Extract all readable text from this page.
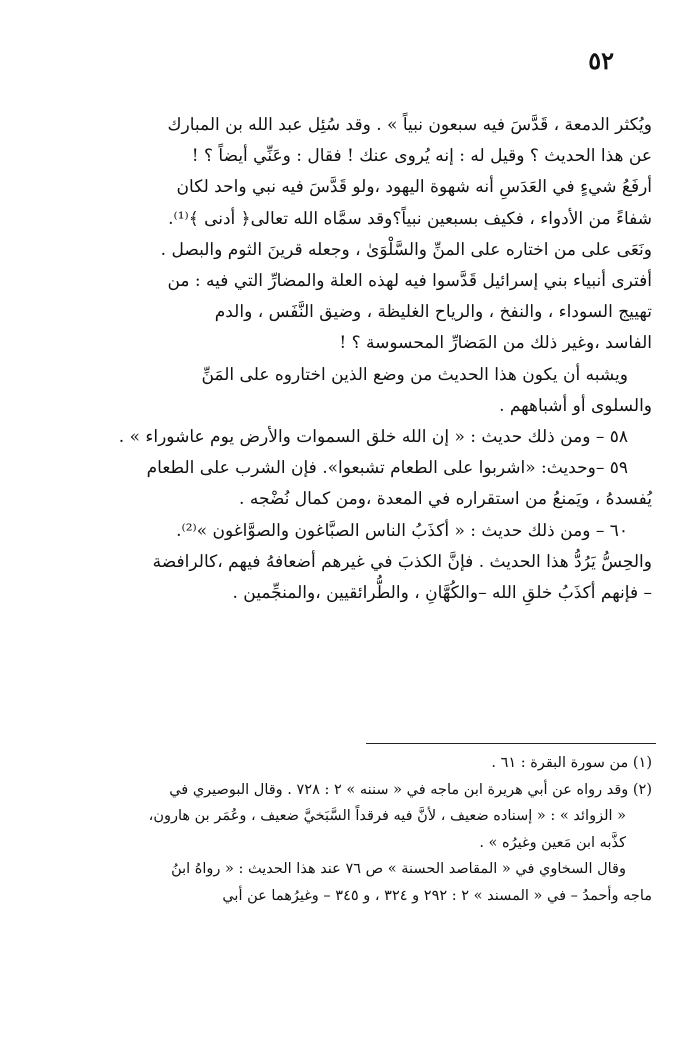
٥٢

ويُكثر الدمعة ، قَدَّسَ فيه سبعون نبياً » . وقد سُئِل عبد الله بن المبارك

عن هذا الحديث ؟ وقيل له : إنه يُروى عنك ! فقال : وعَنِّي أيضاً ؟ !

أرفَعُ شيءٍ في العَدَسِ أنه شهوة اليهود ،ولو قَدَّسَ فيه نبي واحد لكان

شفاءً من الأدواء ، فكيف بسبعين نبياً؟وقد سمَّاه الله تعالى﴿ أدنى ﴾⁽¹⁾.

ونَعَى على من اختاره على المنِّ والسَّلْوَىٰ ، وجعله قرينَ الثوم والبصل .

أفترى أنبياء بني إسرائيل قَدَّسوا فيه لهذه العلة والمضارِّ التي فيه : من

تهييج السوداء ، والنفخ ، والرياح الغليظة ، وضيق النَّفَس ، والدم

الفاسد ،وغير ذلك من المَضارِّ المحسوسة ؟ !

ويشبه أن يكون هذا الحديث من وضع الذين اختاروه على المَنِّ

والسلوى أو أشباههم .

٥٨ – ومن ذلك حديث : « إن الله خلق السموات والأرض يوم عاشوراء » .

٥٩ –وحديث: «اشربوا على الطعام تشبعوا». فإن الشرب على الطعام

يُفسدهُ ، ويَمنعُ من استقراره في المعدة ،ومن كمال نُضْجه .

٦٠ – ومن ذلك حديث : « أكذَبُ الناس الصبَّاغون والصوَّاغون »⁽²⁾.

والحِسُّ يَرُدُّ هذا الحديث . فإنَّ الكذبَ في غيرهم أضعافهُ فيهم ،كالرافضة

– فإنهم أكذَبُ خلقِ الله –والكُهَّانِ ، والطُّرائقيين ،والمنجِّمين .

(١) من سورة البقرة : ٦١ .

(٢) وقد رواه عن أبي هريرة ابن ماجه في « سننه » ٢ : ٧٢٨ . وقال البوصيري في

« الزوائد » : « إسناده ضعيف ، لأنَّ فيه فرقداً السَّبَخيَّ ضعيف ، وعُمَر بن هارون،

كذَّبه ابن مَعين وغيرُه » .

وقال السخاوي في « المقاصد الحسنة » ص ٧٦ عند هذا الحديث : « رواهُ ابنُ

ماجه وأحمدُ – في « المسند » ٢ : ٢٩٢ و ٣٢٤ ، و ٣٤٥ – وغيرُهما عن أبي
